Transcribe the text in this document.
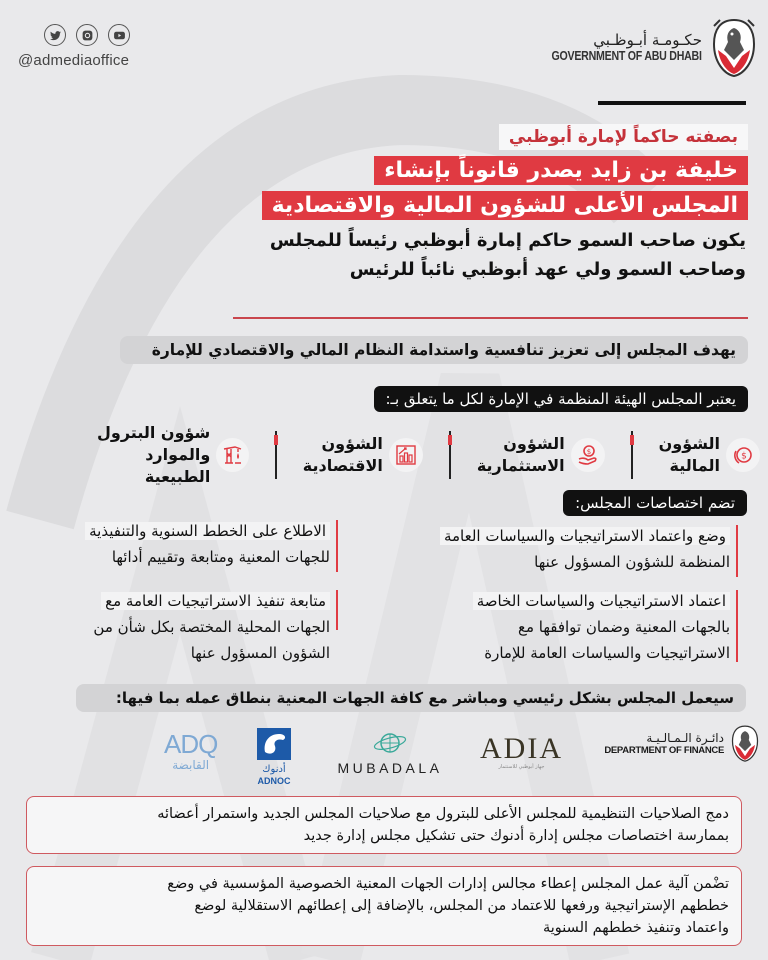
@admediaoffice
حكـومـة أبـوظـبي
GOVERNMENT OF ABU DHABI
بصفته حاكماً لإمارة أبوظبي
خليفة بن زايد يصدر قانوناً بإنشاء
المجلس الأعلى للشؤون المالية والاقتصادية
يكون صاحب السمو حاكم إمارة أبوظبي رئيساً للمجلس
وصاحب السمو ولي عهد أبوظبي نائباً للرئيس
يهدف المجلس إلى تعزيز تنافسية واستدامة النظام المالي والاقتصادي للإمارة
يعتبر المجلس الهيئة المنظمة في الإمارة لكل ما يتعلق بـ:
$
الشؤون
المالية
$
الشؤون
الاستثمارية
الشؤون
الاقتصادية
شؤون البترول
والموارد الطبيعية
تضم اختصاصات المجلس:
وضع واعتماد الاستراتيجيات والسياسات العامة
المنظمة للشؤون المسؤول عنها
الاطلاع على الخطط السنوية والتنفيذية
للجهات المعنية ومتابعة وتقييم أدائها
اعتماد الاستراتيجيات والسياسات الخاصة
بالجهات المعنية وضمان توافقها مع
الاستراتيجيات والسياسات العامة للإمارة
متابعة تنفيذ الاستراتيجيات العامة مع
الجهات المحلية المختصة بكل شأن من
الشؤون المسؤول عنها
سيعمل المجلس بشكل رئيسي ومباشر مع كافة الجهات المعنية بنطاق عمله بما فيها:
دائـرة الـمـالـيـة
DEPARTMENT OF FINANCE
ADIA
جهاز أبوظبي للاستثمار
MUBADALA
أدنوك
ADNOC
ADQ
القابضة
دمج الصلاحيات التنظيمية للمجلس الأعلى للبترول مع صلاحيات المجلس الجديد واستمرار أعضائه
بممارسة اختصاصات مجلس إدارة أدنوك حتى تشكيل مجلس إدارة جديد
تضْمن آلية عمل المجلس إعطاء مجالس إدارات الجهات المعنية الخصوصية المؤسسية في وضع
خططهم الإستراتيجية ورفعها للاعتماد من المجلس، بالإضافة إلى إعطائهم الاستقلالية لوضع
واعتماد وتنفيذ خططهم السنوية
